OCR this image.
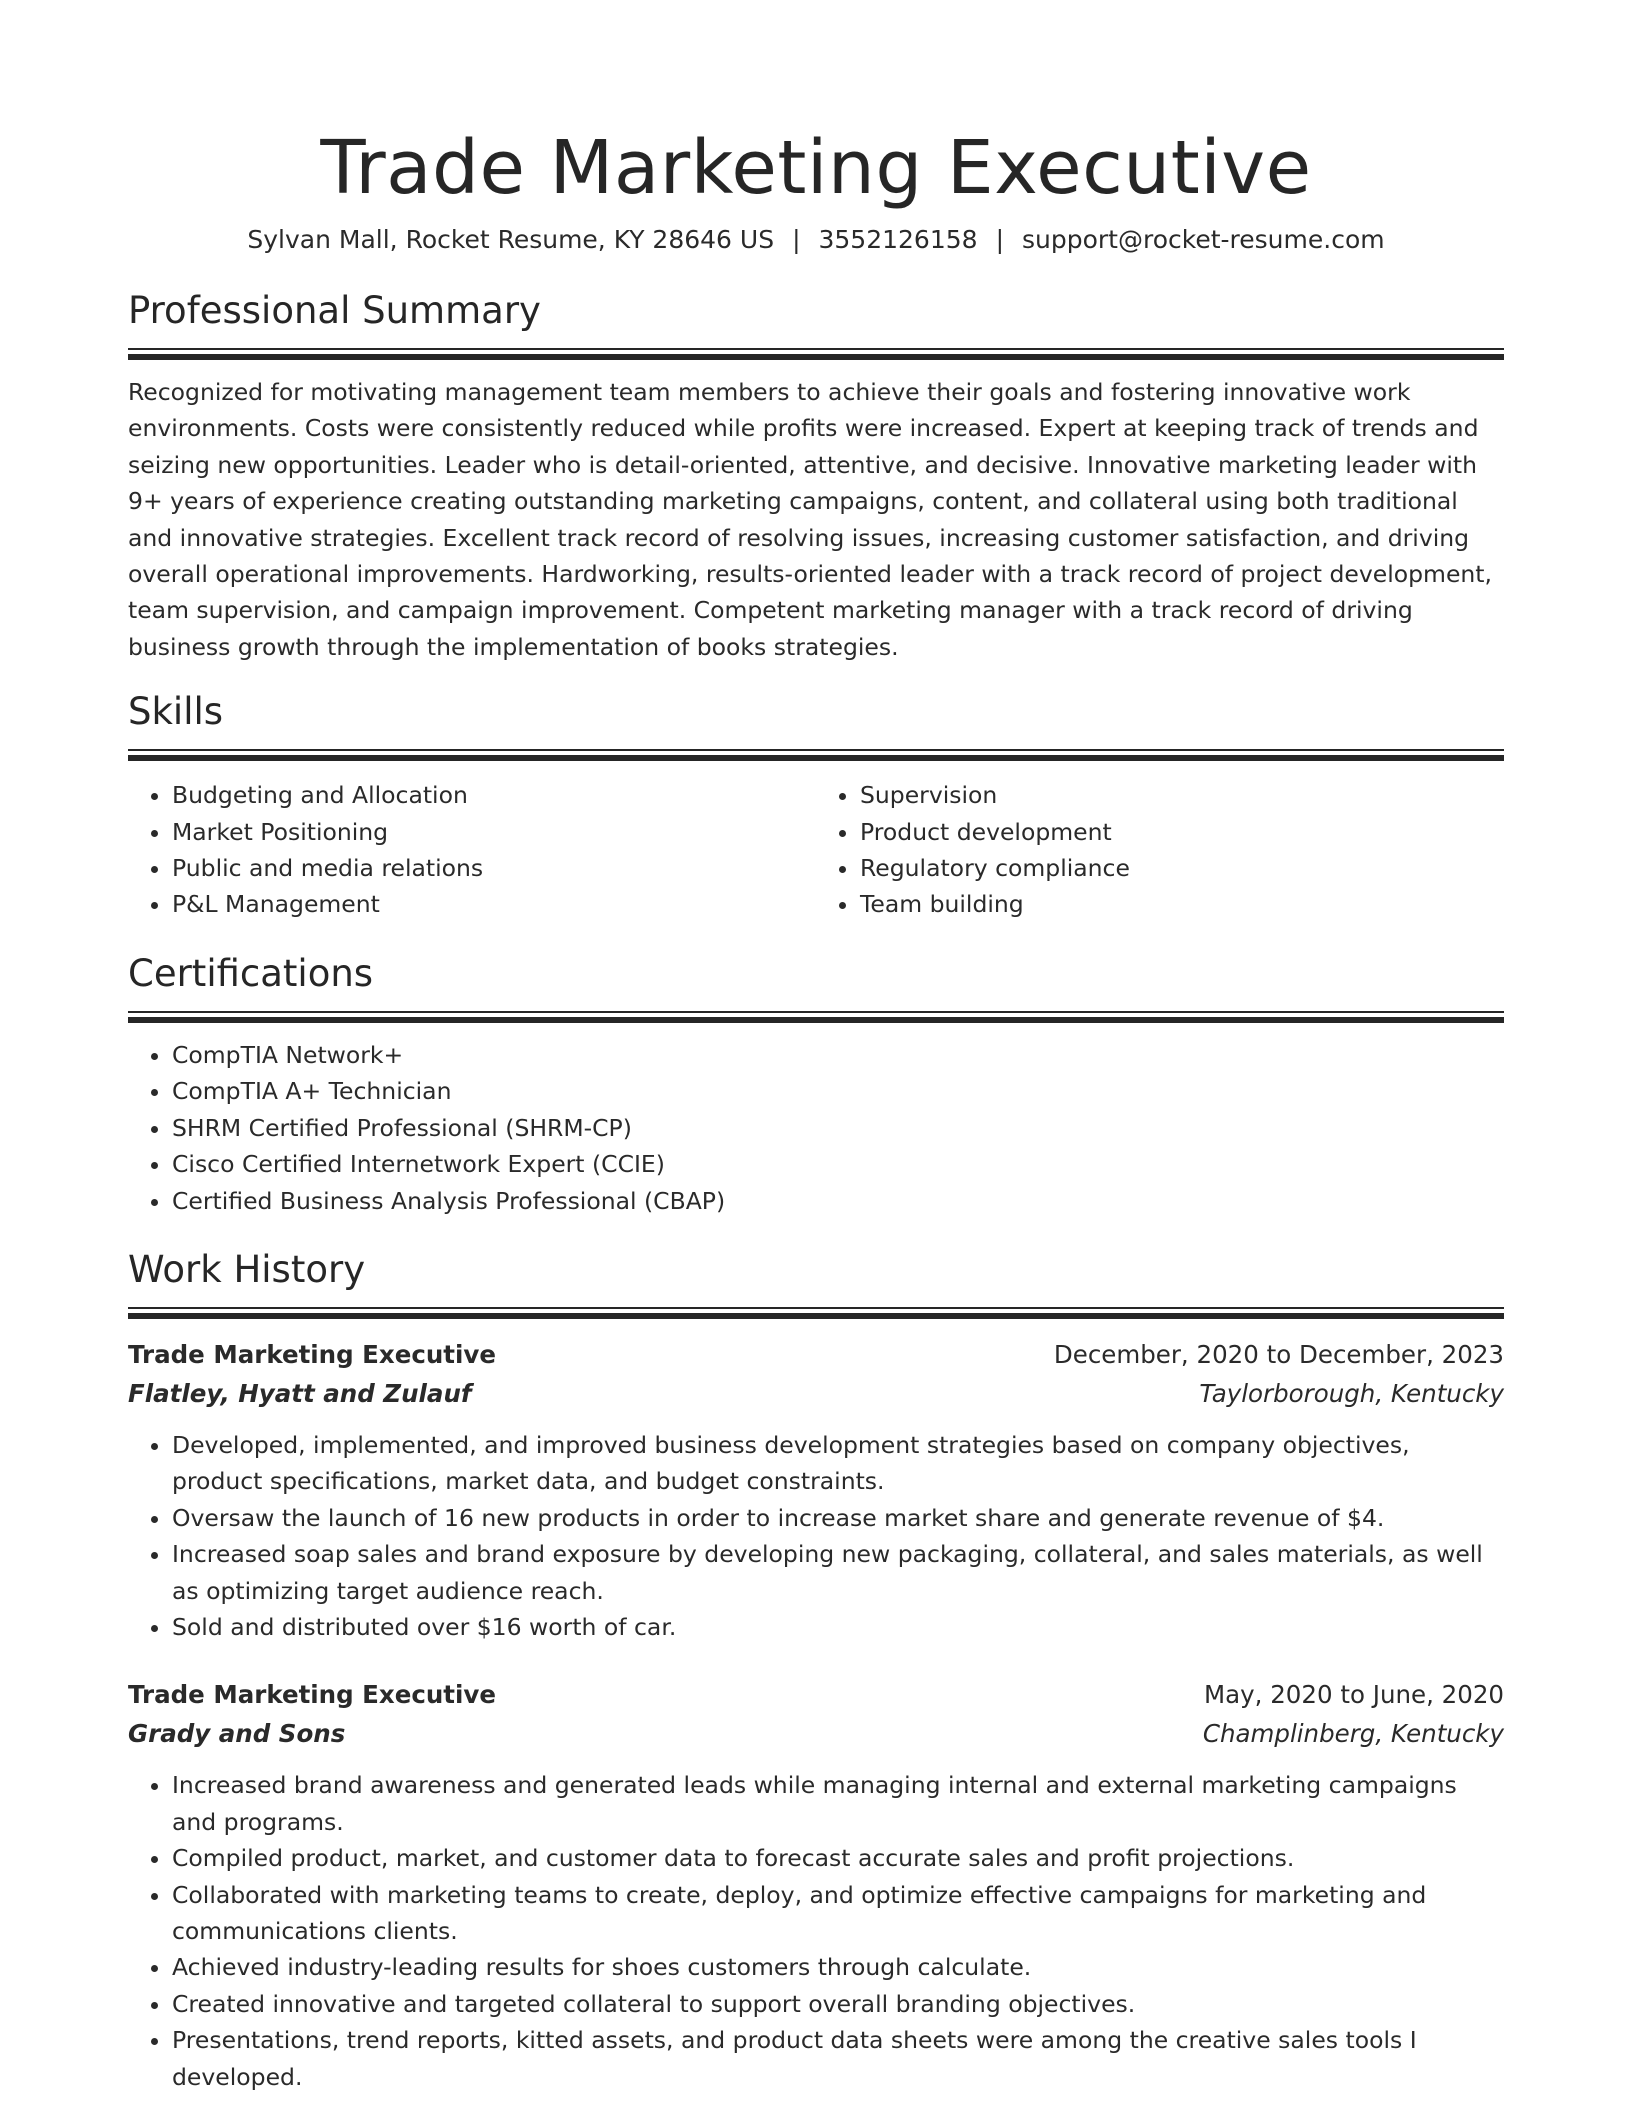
Trade Marketing Executive
Sylvan Mall, Rocket Resume, KY 28646 US | 3552126158 | support@rocket-resume.com
Professional Summary

Recognized for motivating management team members to achieve their goals and fostering innovative work environments. Costs were consistently reduced while profits were increased. Expert at keeping track of trends and seizing new opportunities. Leader who is detail-oriented, attentive, and decisive. Innovative marketing leader with 9+ years of experience creating outstanding marketing campaigns, content, and collateral using both traditional and innovative strategies. Excellent track record of resolving issues, increasing customer satisfaction, and driving overall operational improvements. Hardworking, results-oriented leader with a track record of project development, team supervision, and campaign improvement. Competent marketing manager with a track record of driving business growth through the implementation of books strategies.

Skills
• Budgeting and Allocation
• Market Positioning
• Public and media relations
• P&L Management
• Supervision
• Product development
• Regulatory compliance
• Team building
Certifications
• CompTIA Network+
• CompTIA A+ Technician
• SHRM Certified Professional (SHRM-CP)
• Cisco Certified Internetwork Expert (CCIE)
• Certified Business Analysis Professional (CBAP)
Work History
Trade Marketing Executive	December, 2020 to December, 2023
Flatley, Hyatt and Zulauf	Taylorborough, Kentucky
• Developed, implemented, and improved business development strategies based on company objectives, product specifications, market data, and budget constraints.
• Oversaw the launch of 16 new products in order to increase market share and generate revenue of $4.
• Increased soap sales and brand exposure by developing new packaging, collateral, and sales materials, as well as optimizing target audience reach.
• Sold and distributed over $16 worth of car.
Trade Marketing Executive	May, 2020 to June, 2020
Grady and Sons	Champlinberg, Kentucky
• Increased brand awareness and generated leads while managing internal and external marketing campaigns and programs.
• Compiled product, market, and customer data to forecast accurate sales and profit projections.
• Collaborated with marketing teams to create, deploy, and optimize effective campaigns for marketing and communications clients.
• Achieved industry-leading results for shoes customers through calculate.
• Created innovative and targeted collateral to support overall branding objectives.
• Presentations, trend reports, kitted assets, and product data sheets were among the creative sales tools I developed.
